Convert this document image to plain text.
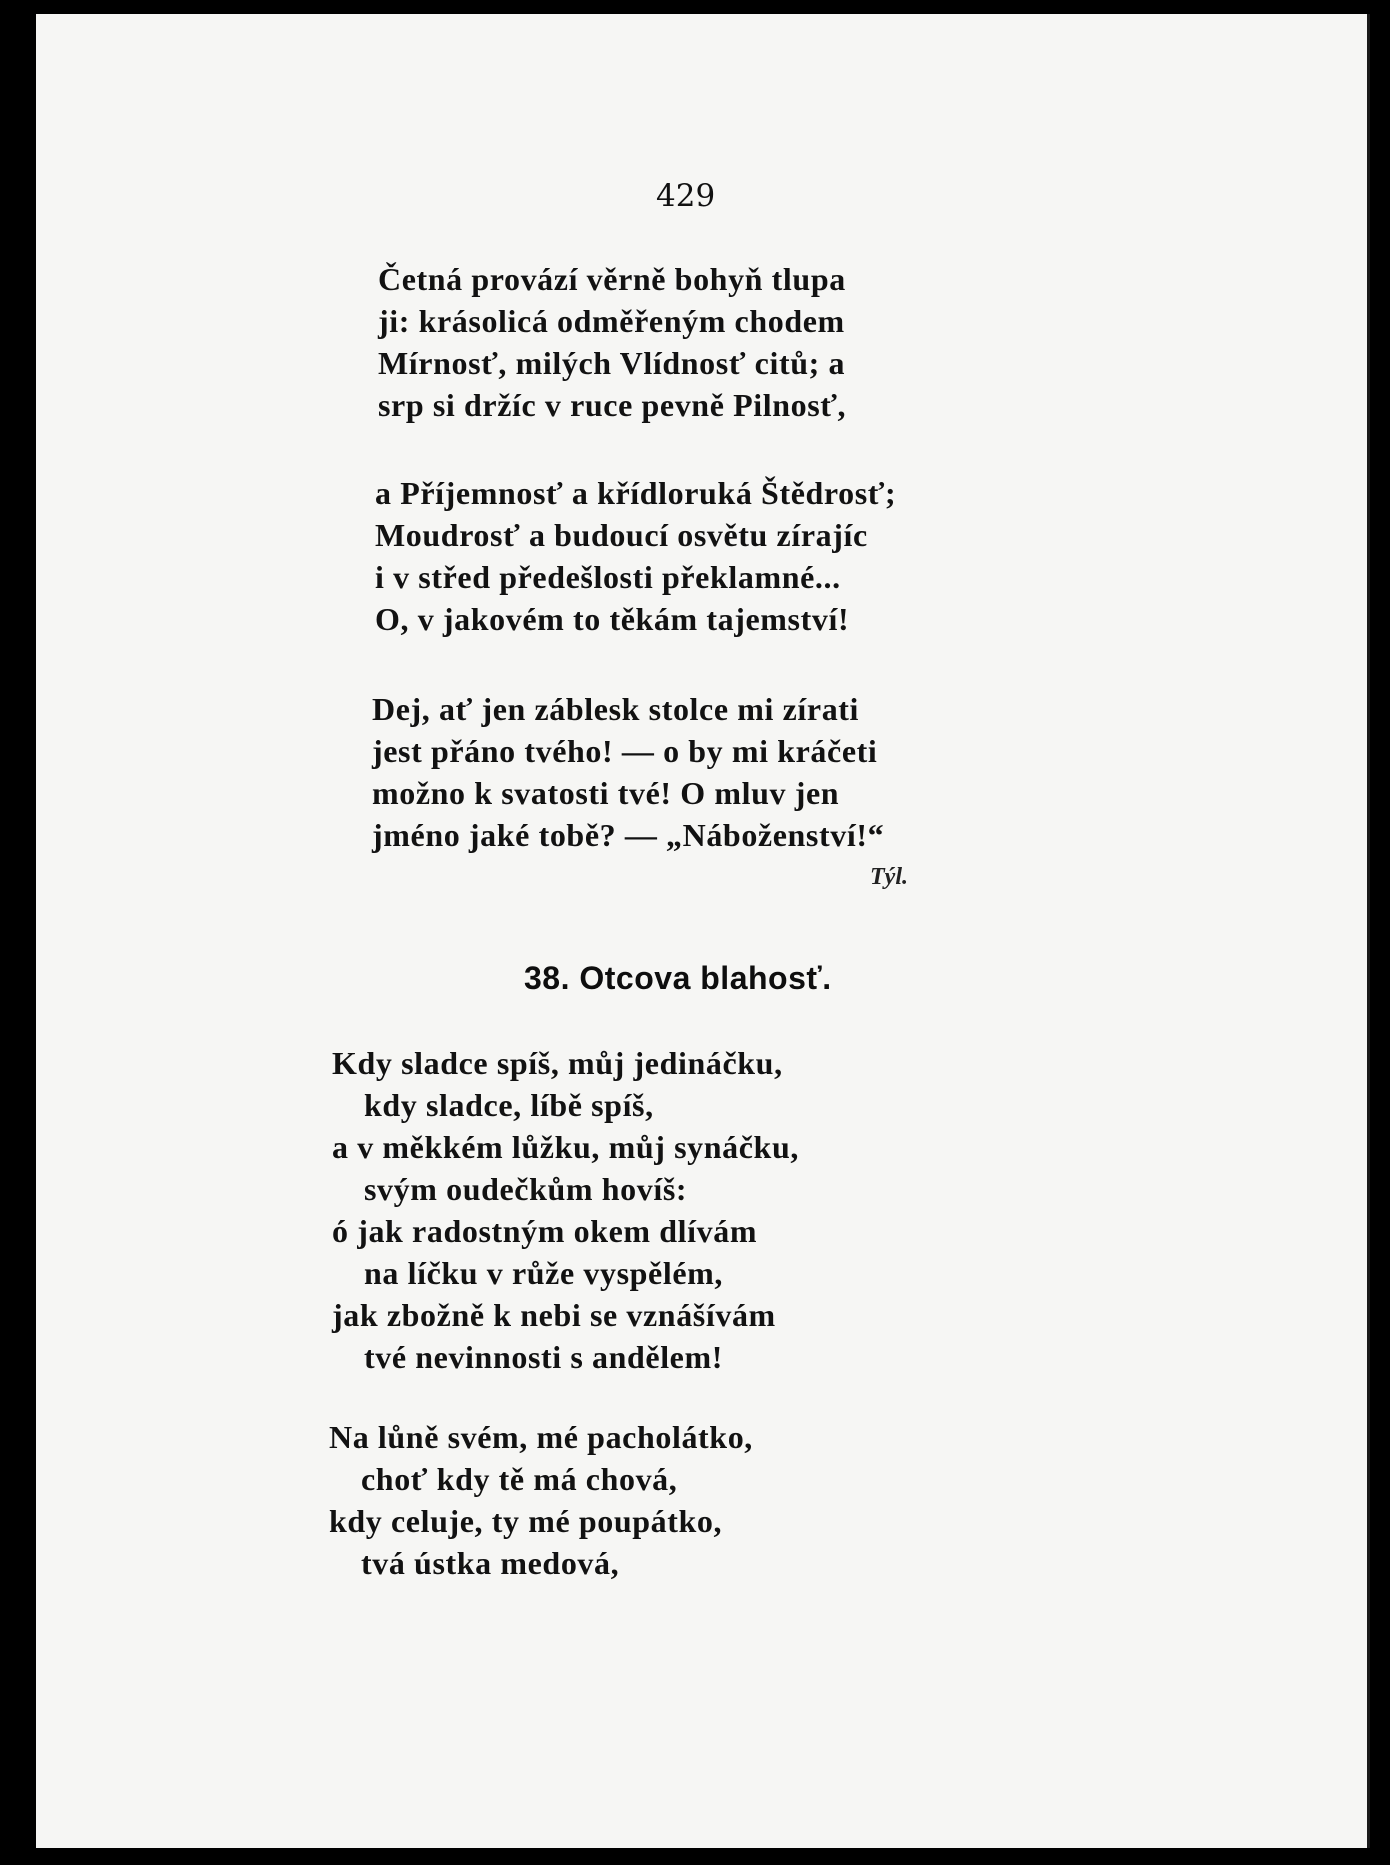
429
Četná provází věrně bohyň tlupa
ji: krásolicá odměřeným chodem
Mírnosť, milých Vlídnosť citů; a
srp si držíc v ruce pevně Pilnosť,
a Příjemnosť a křídloruká Štědrosť;
Moudrosť a budoucí osvětu zírajíc
i v střed předešlosti překlamné...
O, v jakovém to těkám tajemství!
Dej, ať jen záblesk stolce mi zírati
jest přáno tvého! — o by mi kráčeti
možno k svatosti tvé! O mluv jen
jméno jaké tobě? — „Náboženství!“
Týl.
38. Otcova blahosť.
Kdy sladce spíš, můj jedináčku,
kdy sladce, líbě spíš,
a v měkkém lůžku, můj synáčku,
svým oudečkům hovíš:
ó jak radostným okem dlívám
na líčku v růže vyspělém,
jak zbožně k nebi se vznášívám
tvé nevinnosti s andělem!
Na lůně svém, mé pacholátko,
choť kdy tě má chová,
kdy celuje, ty mé poupátko,
tvá ústka medová,
